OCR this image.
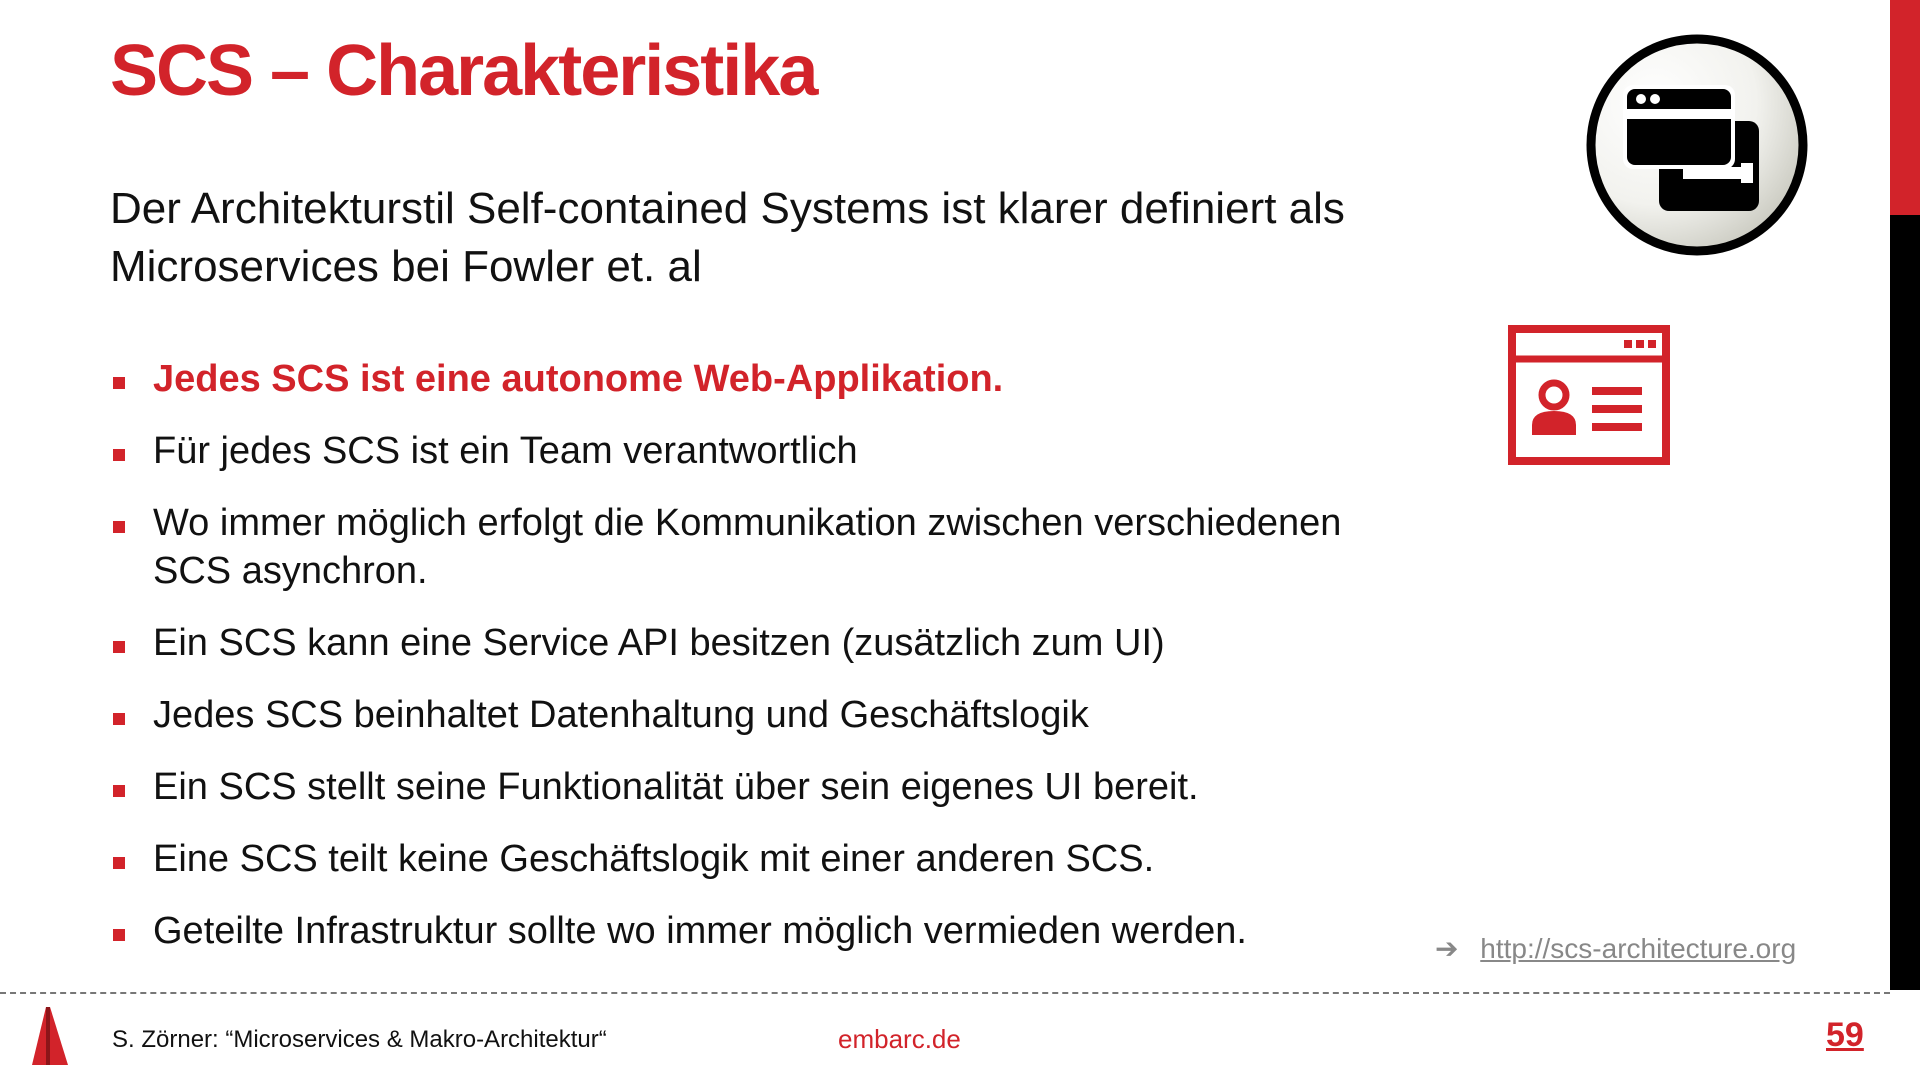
SCS – Charakteristika

Der Architekturstil Self-contained Systems ist klarer definiert als Microservices bei Fowler et. al

Jedes SCS ist eine autonome Web-Applikation.
Für jedes SCS ist ein Team verantwortlich
Wo immer möglich erfolgt die Kommunikation zwischen verschiedenen SCS asynchron.
Ein SCS kann eine Service API besitzen (zusätzlich zum UI)
Jedes SCS beinhaltet Datenhaltung und Geschäftslogik
Ein SCS stellt seine Funktionalität über sein eigenes UI bereit.
Eine SCS teilt keine Geschäftslogik mit einer anderen SCS.
Geteilte Infrastruktur sollte wo immer möglich vermieden werden.	➔ http://scs-architecture.org
S. Zörner: “Microservices & Makro-Architektur“	embarc.de	59
